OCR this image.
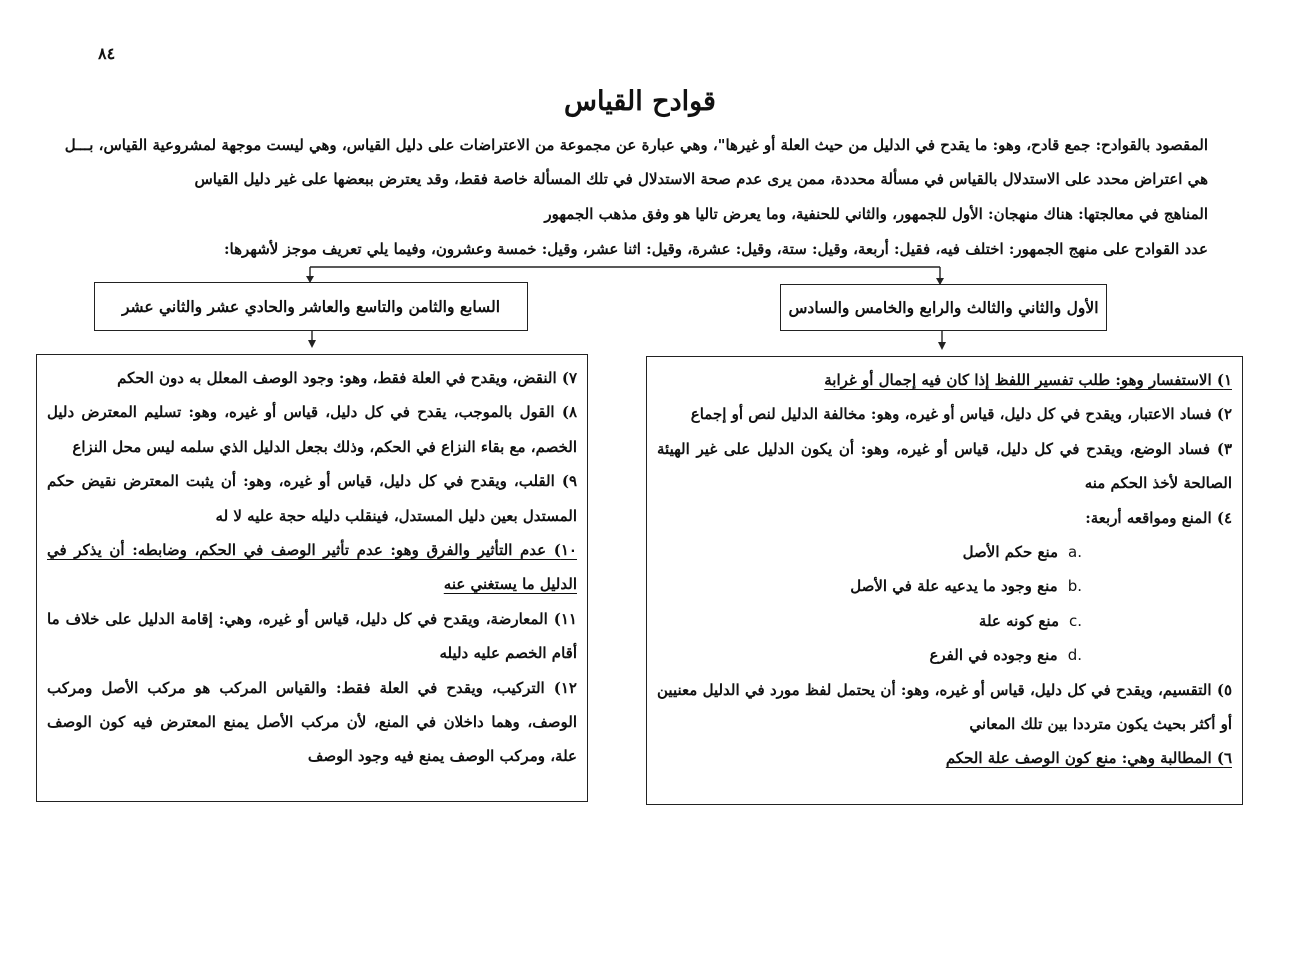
٨٤
قوادح القياس
المقصود بالقوادح: جمع قادح، وهو: ما يقدح في الدليل من حيث العلة أو غيرها"، وهي عبارة عن مجموعة من الاعتراضات على دليل القياس، وهي ليست موجهة لمشروعية القياس، بـــل
هي اعتراض محدد على الاستدلال بالقياس في مسألة محددة، ممن يرى عدم صحة الاستدلال في تلك المسألة خاصة فقط، وقد يعترض ببعضها على غير دليل القياس
المناهج في معالجتها: هناك منهجان: الأول للجمهور، والثاني للحنفية، وما يعرض تاليا هو وفق مذهب الجمهور
عدد القوادح على منهج الجمهور: اختلف فيه، فقيل: أربعة، وقيل: ستة، وقيل: عشرة، وقيل: اثنا عشر، وقيل: خمسة وعشرون، وفيما يلي تعريف موجز لأشهرها:
السابع والثامن والتاسع والعاشر والحادي عشر والثاني عشر	الأول والثاني والثالث والرابع والخامس والسادس

٧) النقض، ويقدح في العلة فقط، وهو: وجود الوصف المعلل به دون الحكم

٨) القول بالموجب، يقدح في كل دليل، قياس أو غيره، وهو: تسليم المعترض دليل الخصم، مع بقاء النزاع في الحكم، وذلك بجعل الدليل الذي سلمه ليس محل النزاع

٩) القلب، ويقدح في كل دليل، قياس أو غيره، وهو: أن يثبت المعترض نقيض حكم المستدل بعين دليل المستدل، فينقلب دليله حجة عليه لا له

١٠) عدم التأثير والفرق وهو: عدم تأثير الوصف في الحكم، وضابطه: أن يذكر في الدليل ما يستغني عنه

١١) المعارضة، ويقدح في كل دليل، قياس أو غيره، وهي: إقامة الدليل على خلاف ما أقام الخصم عليه دليله

١٢) التركيب، ويقدح في العلة فقط: والقياس المركب هو مركب الأصل ومركب الوصف، وهما داخلان في المنع، لأن مركب الأصل يمنع المعترض فيه كون الوصف علة، ومركب الوصف يمنع فيه وجود الوصف

١) الاستفسار وهو: طلب تفسير اللفظ إذا كان فيه إجمال أو غرابة

٢) فساد الاعتبار، ويقدح في كل دليل، قياس أو غيره، وهو: مخالفة الدليل لنص أو إجماع

٣) فساد الوضع، ويقدح في كل دليل، قياس أو غيره، وهو: أن يكون الدليل على غير الهيئة الصالحة لأخذ الحكم منه

٤) المنع ومواقعه أربعة:

a.منع حكم الأصل

b.منع وجود ما يدعيه علة في الأصل

c.منع كونه علة

d.منع وجوده في الفرع

٥) التقسيم، ويقدح في كل دليل، قياس أو غيره، وهو: أن يحتمل لفظ مورد في الدليل معنيين أو أكثر بحيث يكون مترددا بين تلك المعاني

٦) المطالبة وهي: منع كون الوصف علة الحكم
